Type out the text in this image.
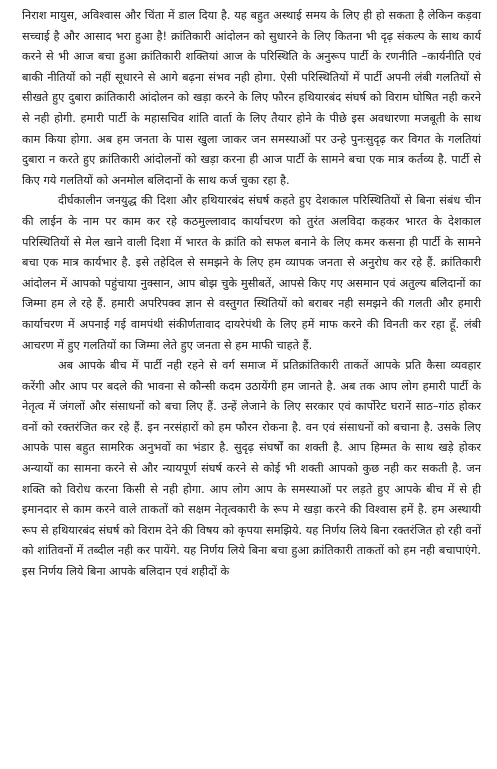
निराश मायुस, अविश्वास और चिंता में डाल दिया है. यह बहुत अस्थाई समय के लिए ही हो सकता है लेकिन कड़वा सच्चाई है और आसाद भरा हुआ है! क्रांतिकारी आंदोलन को सुधारने के लिए कितना भी दृढ़ संकल्प के साथ कार्य करने से भी आज बचा हुआ क्रांतिकारी शक्तियां आज के परिस्थिति के अनुरूप पार्टी के रणनीति –कार्यनीति एवं बाकी नीतियों को नहीं सूधारने से आगे बढ़ना संभव नही होगा. ऐसी परिस्थितियों में पार्टी अपनी लंबी गलतियों से सीखते हुए दुबारा क्रांतिकारी आंदोलन को खड़ा करने के लिए फौरन हथियारबंद संघर्ष को विराम घोषित नही करने से नही होगी. हमारी पार्टी के महासचिव शांति वार्ता के लिए तैयार होने के पीछे इस अवधारणा मजबूती के साथ काम किया होगा. अब हम जनता के पास खुला जाकर जन समस्याओं पर उन्हे पुनःसुदृढ़ कर विगत के गलतियां दुबारा न करते हुए क्रांतिकारी आंदोलनों को खड़ा करना ही आज पार्टी के सामने बचा एक मात्र कर्तव्य है. पार्टी से किए गये गलतियों को अनमोल बलिदानों के साथ कर्ज चुका रहा है.

दीर्घकालीन जनयुद्ध की दिशा और हथियारबंद संघर्ष कहते हुए देशकाल परिस्थितियों से बिना संबंध चीन की लाईन के नाम पर काम कर रहे कठमुल्लावाद कार्याचरण को तुरंत अलविदा कहकर भारत के देशकाल परिस्थितियों से मेल खाने वाली दिशा में भारत के क्रांति को सफल बनाने के लिए कमर कसना ही पार्टी के सामने बचा एक मात्र कार्यभार है. इसे तहेदिल से समझने के लिए हम व्यापक जनता से अनुरोध कर रहे हैं. क्रांतिकारी आंदोलन में आपको पहुंचाया नुक्सान, आप बोझ चुके मुसीबतें, आपसे किए गए असमान एवं अतुल्य बलिदानों का जिम्मा हम ले रहे हैं. हमारी अपरिपक्व ज्ञान से वस्तुगत स्थितियों को बराबर नही समझने की गलती और हमारी कार्याचरण में अपनाई गई वामपंथी संकीर्णतावाद दायरेपंथी के लिए हमें माफ करने की विनती कर रहा हूँ. लंबी आचरण में हुए गलतियों का जिम्मा लेते हुए जनता से हम माफी चाहते हैं.

अब आपके बीच में पार्टी नही रहने से वर्ग समाज में प्रतिक्रांतिकारी ताकतें आपके प्रति कैसा व्यवहार करेंगी और आप पर बदले की भावना से कौन्सी कदम उठायेंगी हम जानते है. अब तक आप लोग हमारी पार्टी के नेतृत्व में जंगलों और संसाधनों को बचा लिए हैं. उन्हें लेजाने के लिए सरकार एवं कार्पोरेट घरानें साठ–गांठ होकर वनों को रक्तरंजित कर रहे हैं. इन नरसंहारों को हम फौरन रोकना है. वन एवं संसाधनों को बचाना है. उसके लिए आपके पास बहुत सामरिक अनुभवों का भंडार है. सुदृढ़ संघर्षों का शक्ती है. आप हिम्मत के साथ खड़े होकर अन्यायों का सामना करने से और न्यायपूर्ण संघर्ष करने से कोई भी शक्ती आपको कुछ नही कर सकती है. जन शक्ति को विरोध करना किसी से नही होगा. आप लोग आप के समस्याओं पर लड़ते हुए आपके बीच में से ही इमानदार से काम करने वाले ताकतों को सक्षम नेतृत्वकारी के रूप मे खड़ा करने की विश्वास हमें है. हम अस्थायी रूप से हथियारबंद संघर्ष को विराम देने की विषय को कृपया समझिये. यह निर्णय लिये बिना रक्तरंजित हो रही वनों को शांतिवनों में तब्दील नही कर पायेंगे. यह निर्णय लिये बिना बचा हुआ क्रांतिकारी ताकतों को हम नही बचापाएंगे. इस निर्णय लिये बिना आपके बलिदान एवं शहीदों के
